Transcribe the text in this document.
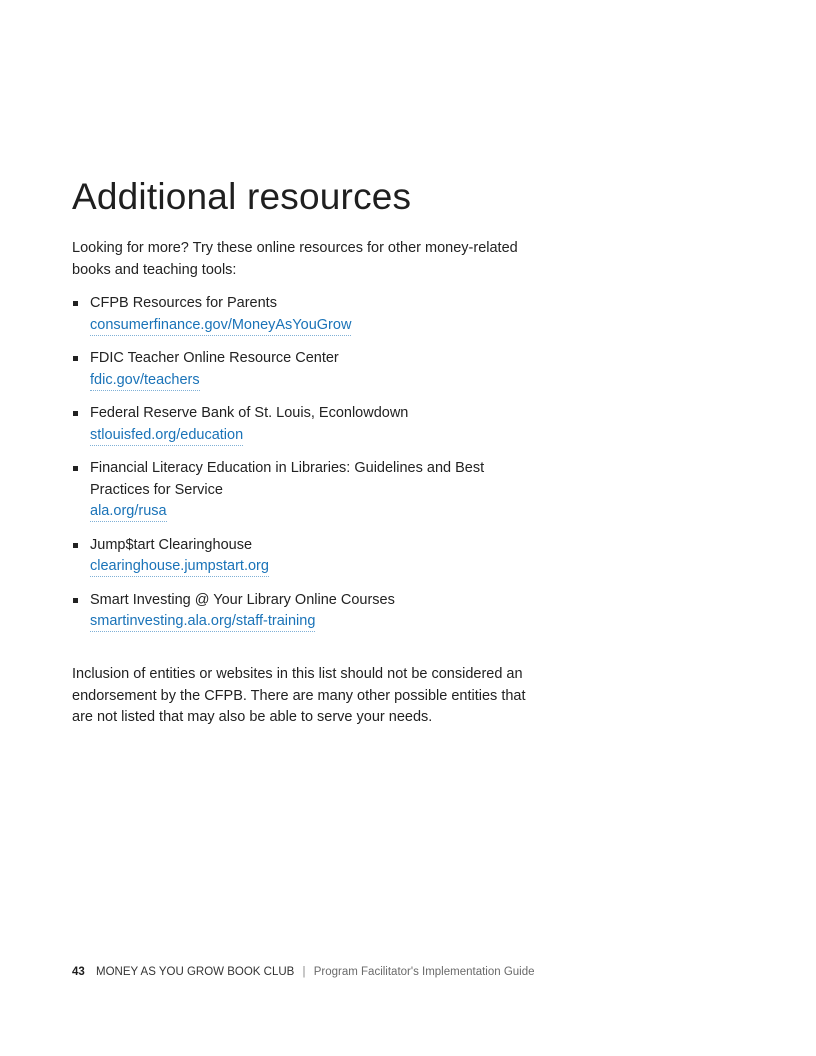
Additional resources

Looking for more? Try these online resources for other money-related books and teaching tools:

CFPB Resources for Parents
consumerfinance.gov/MoneyAsYouGrow
FDIC Teacher Online Resource Center
fdic.gov/teachers
Federal Reserve Bank of St. Louis, Econlowdown
stlouisfed.org/education
Financial Literacy Education in Libraries: Guidelines and Best Practices for Service
ala.org/rusa
Jump$tart Clearinghouse
clearinghouse.jumpstart.org
Smart Investing @ Your Library Online Courses
smartinvesting.ala.org/staff-training

Inclusion of entities or websites in this list should not be considered an endorsement by the CFPB. There are many other possible entities that are not listed that may also be able to serve your needs.

43 MONEY AS YOU GROW BOOK CLUB | Program Facilitator's Implementation Guide
